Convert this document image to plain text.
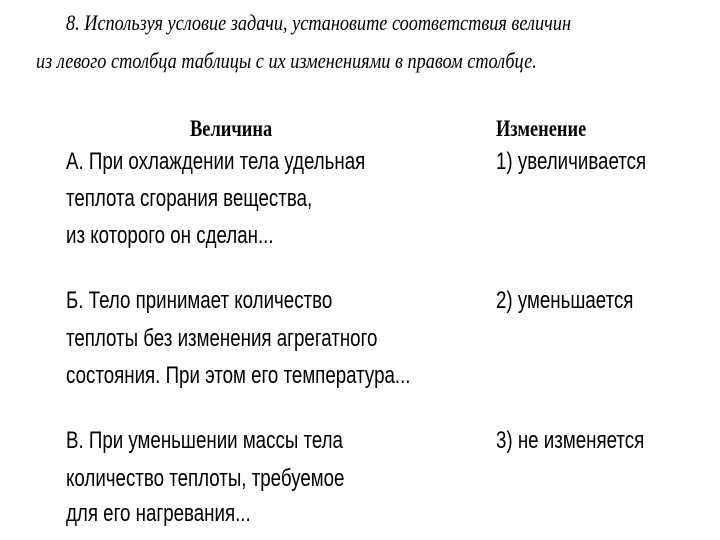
8. Используя условие задачи, установите соответствия величин
из левого столбца таблицы с их изменениями в правом столбце.
Величина	Изменение
А. При охлаждении тела удельная
теплота сгорания вещества,
из которого он сделан...
Б. Тело принимает количество
теплоты без изменения агрегатного
состояния. При этом его температура...
В. При уменьшении массы тела
количество теплоты, требуемое
для его нагревания...
1) увеличивается
2) уменьшается
3) не изменяется
